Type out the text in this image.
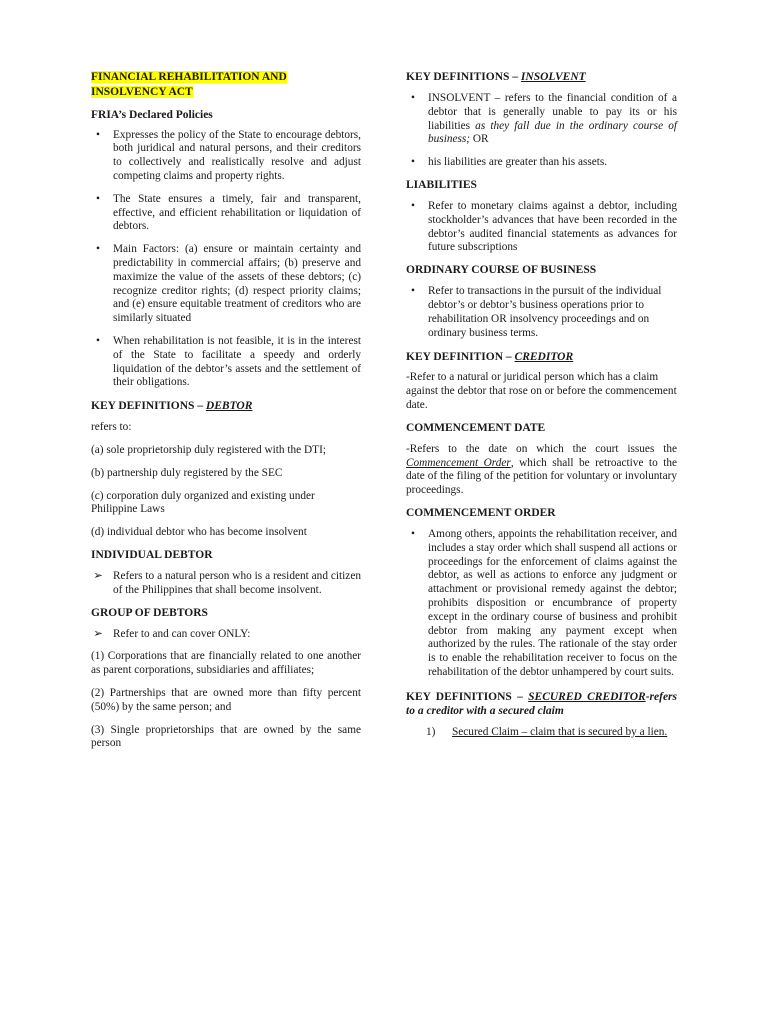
FINANCIAL REHABILITATION AND INSOLVENCY ACT

FRIA’s Declared Policies

•	Expresses the policy of the State to encourage debtors, both juridical and natural persons, and their creditors to collectively and realistically resolve and adjust competing claims and property rights.
•	The State ensures a timely, fair and transparent, effective, and efficient rehabilitation or liquidation of debtors.
•	Main Factors: (a) ensure or maintain certainty and predictability in commercial affairs; (b) preserve and maximize the value of the assets of these debtors; (c) recognize creditor rights; (d) respect priority claims; and (e) ensure equitable treatment of creditors who are similarly situated
•	When rehabilitation is not feasible, it is in the interest of the State to facilitate a speedy and orderly liquidation of the debtor’s assets and the settlement of their obligations.

KEY DEFINITIONS – DEBTOR

refers to:

(a) sole proprietorship duly registered with the DTI;

(b) partnership duly registered by the SEC

(c) corporation duly organized and existing under Philippine Laws

(d) individual debtor who has become insolvent

INDIVIDUAL DEBTOR

➢ Refers to a natural person who is a resident and citizen of the Philippines that shall become insolvent.

GROUP OF DEBTORS

➢ Refer to and can cover ONLY:

(1) Corporations that are financially related to one another as parent corporations, subsidiaries and affiliates;

(2) Partnerships that are owned more than fifty percent (50%) by the same person; and

(3) Single proprietorships that are owned by the same person

KEY DEFINITIONS – INSOLVENT

•	INSOLVENT – refers to the financial condition of a debtor that is generally unable to pay its or his liabilities as they fall due in the ordinary course of business; OR
•	his liabilities are greater than his assets.

LIABILITIES

•	Refer to monetary claims against a debtor, including stockholder’s advances that have been recorded in the debtor’s audited financial statements as advances for future subscriptions

ORDINARY COURSE OF BUSINESS

•	Refer to transactions in the pursuit of the individual debtor’s or debtor’s business operations prior to rehabilitation OR insolvency proceedings and on ordinary business terms.

KEY DEFINITION – CREDITOR

-Refer to a natural or juridical person which has a claim against the debtor that rose on or before the commencement date.

COMMENCEMENT DATE

-Refers to the date on which the court issues the Commencement Order, which shall be retroactive to the date of the filing of the petition for voluntary or involuntary proceedings.

COMMENCEMENT ORDER

•	Among others, appoints the rehabilitation receiver, and includes a stay order which shall suspend all actions or proceedings for the enforcement of claims against the debtor, as well as actions to enforce any judgment or attachment or provisional remedy against the debtor; prohibits disposition or encumbrance of property except in the ordinary course of business and prohibit debtor from making any payment except when authorized by the rules. The rationale of the stay order is to enable the rehabilitation receiver to focus on the rehabilitation of the debtor unhampered by court suits.

KEY DEFINITIONS – SECURED CREDITOR-refers to a creditor with a secured claim

1) Secured Claim – claim that is secured by a lien.
